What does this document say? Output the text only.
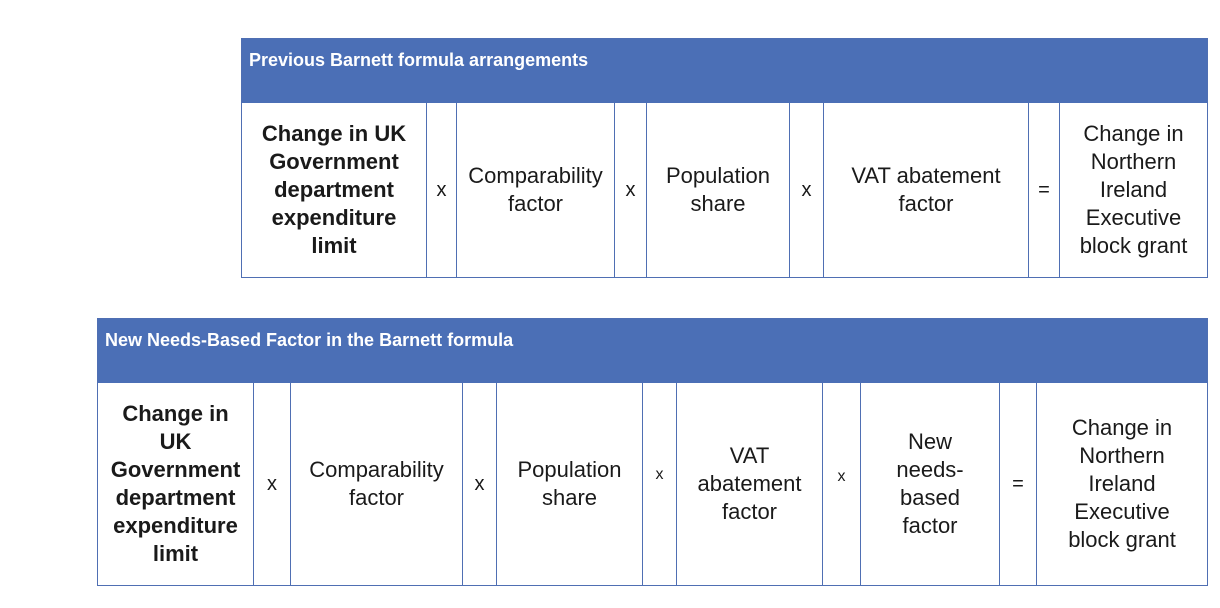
Previous Barnett formula arrangements
Change in UK
Government
department
expenditure
limit
x
Comparability
factor
x
Population
share
x
VAT abatement
factor
=
Change in
Northern
Ireland
Executive
block grant
New Needs-Based Factor in the Barnett formula
Change in
UK
Government
department
expenditure
limit
x
Comparability
factor
x
Population
share
x
VAT
abatement
factor
x
New
needs-
based
factor
=
Change in
Northern
Ireland
Executive
block grant
